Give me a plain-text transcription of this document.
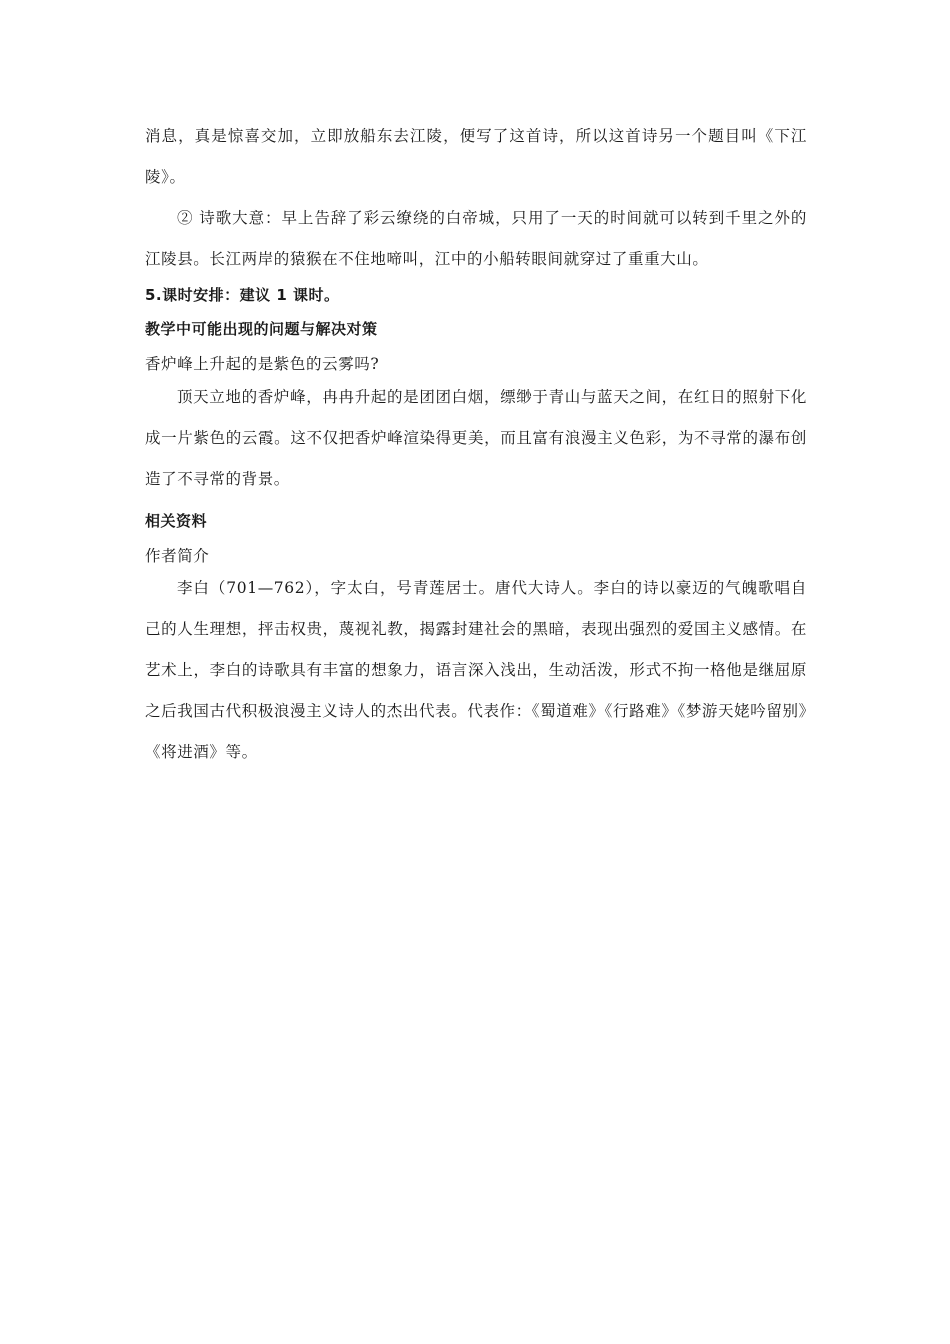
消息，真是惊喜交加，立即放船东去江陵，便写了这首诗，所以这首诗另一个题目叫《下江陵》。

② 诗歌大意：早上告辞了彩云缭绕的白帝城，只用了一天的时间就可以转到千里之外的江陵县。长江两岸的猿猴在不住地啼叫，江中的小船转眼间就穿过了重重大山。

5.课时安排：建议 1 课时。

教学中可能出现的问题与解决对策

香炉峰上升起的是紫色的云雾吗?

顶天立地的香炉峰，冉冉升起的是团团白烟，缥缈于青山与蓝天之间，在红日的照射下化成一片紫色的云霞。这不仅把香炉峰渲染得更美，而且富有浪漫主义色彩，为不寻常的瀑布创造了不寻常的背景。

相关资料

作者简介

李白（701—762），字太白，号青莲居士。唐代大诗人。李白的诗以豪迈的气魄歌唱自己的人生理想，抨击权贵，蔑视礼教，揭露封建社会的黑暗，表现出强烈的爱国主义感情。在艺术上，李白的诗歌具有丰富的想象力，语言深入浅出，生动活泼，形式不拘一格他是继屈原之后我国古代积极浪漫主义诗人的杰出代表。代表作：《蜀道难》《行路难》《梦游天姥吟留别》《将进酒》等。
